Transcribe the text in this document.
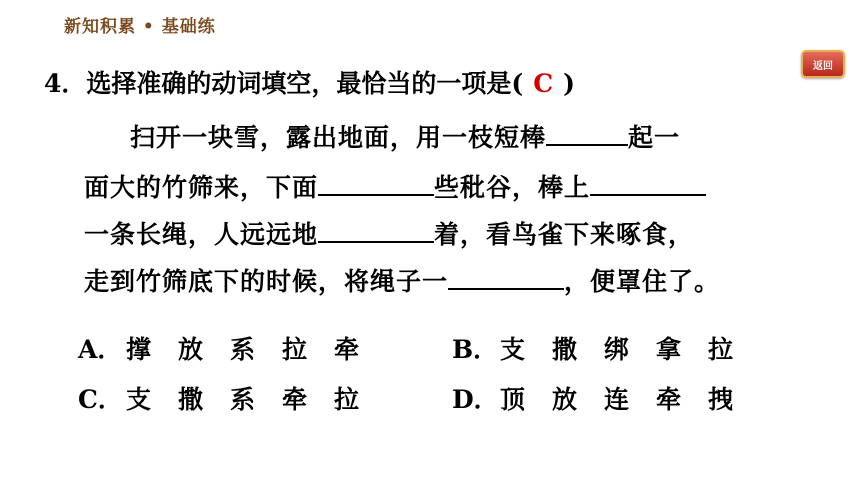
新知积累 • 基础练
返回
4．选择准确的动词填空，最恰当的一项是( C )
扫开一块雪，露出地面，用一枝短棒	起一
面大的竹筛来，下面	些秕谷，棒上
一条长绳，人远远地	着，看鸟雀下来啄食，
走到竹筛底下的时候，将绳子一	，便罩住了。
A． 撑放系拉牵	B．支撒绑拿拉
C． 支撒系牵拉	D．顶放连牵拽
